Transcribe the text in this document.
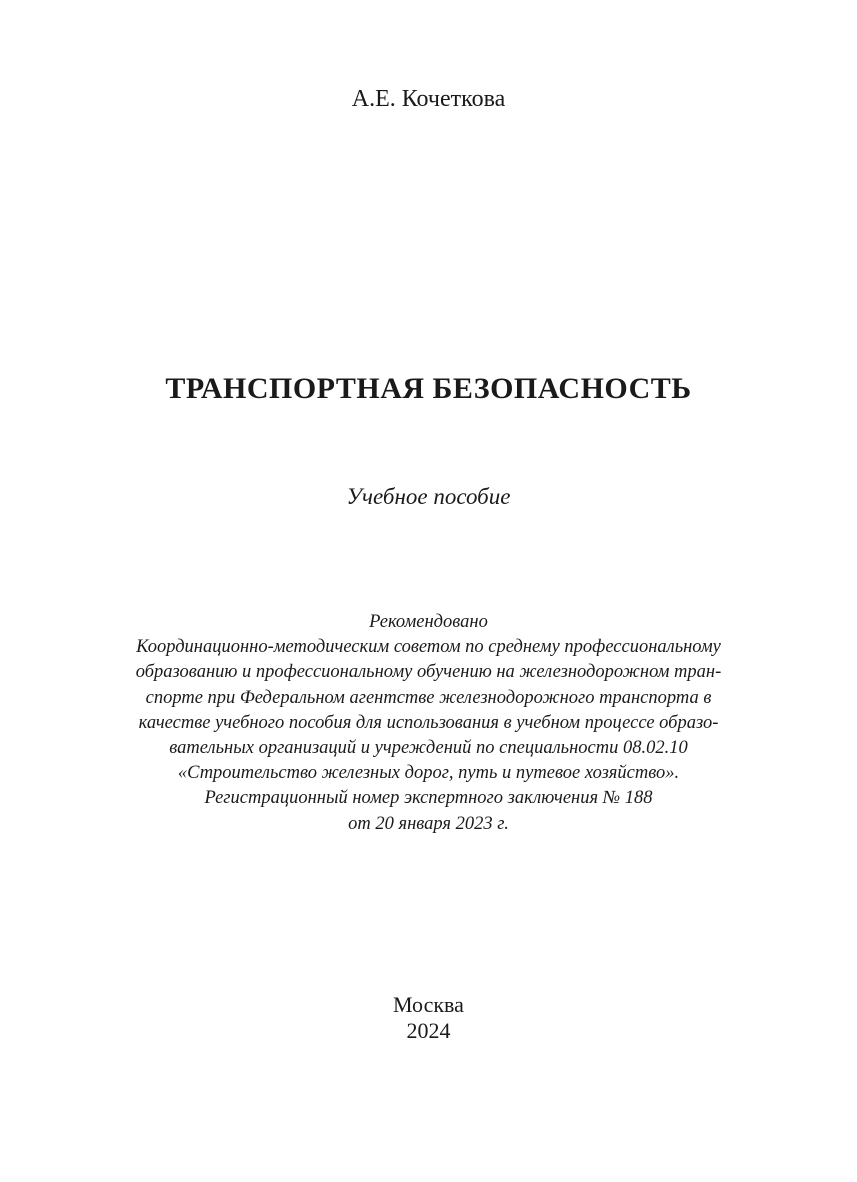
А.Е. Кочеткова
ТРАНСПОРТНАЯ БЕЗОПАСНОСТЬ
Учебное пособие
Рекомендовано
Координационно-методическим советом по среднему профессиональному
образованию и профессиональному обучению на железнодорожном тран-
спорте при Федеральном агентстве железнодорожного транспорта в
качестве учебного пособия для использования в учебном процессе образо-
вательных организаций и учреждений по специальности 08.02.10
«Строительство железных дорог, путь и путевое хозяйство».
Регистрационный номер экспертного заключения № 188
от 20 января 2023 г.
Москва
2024
